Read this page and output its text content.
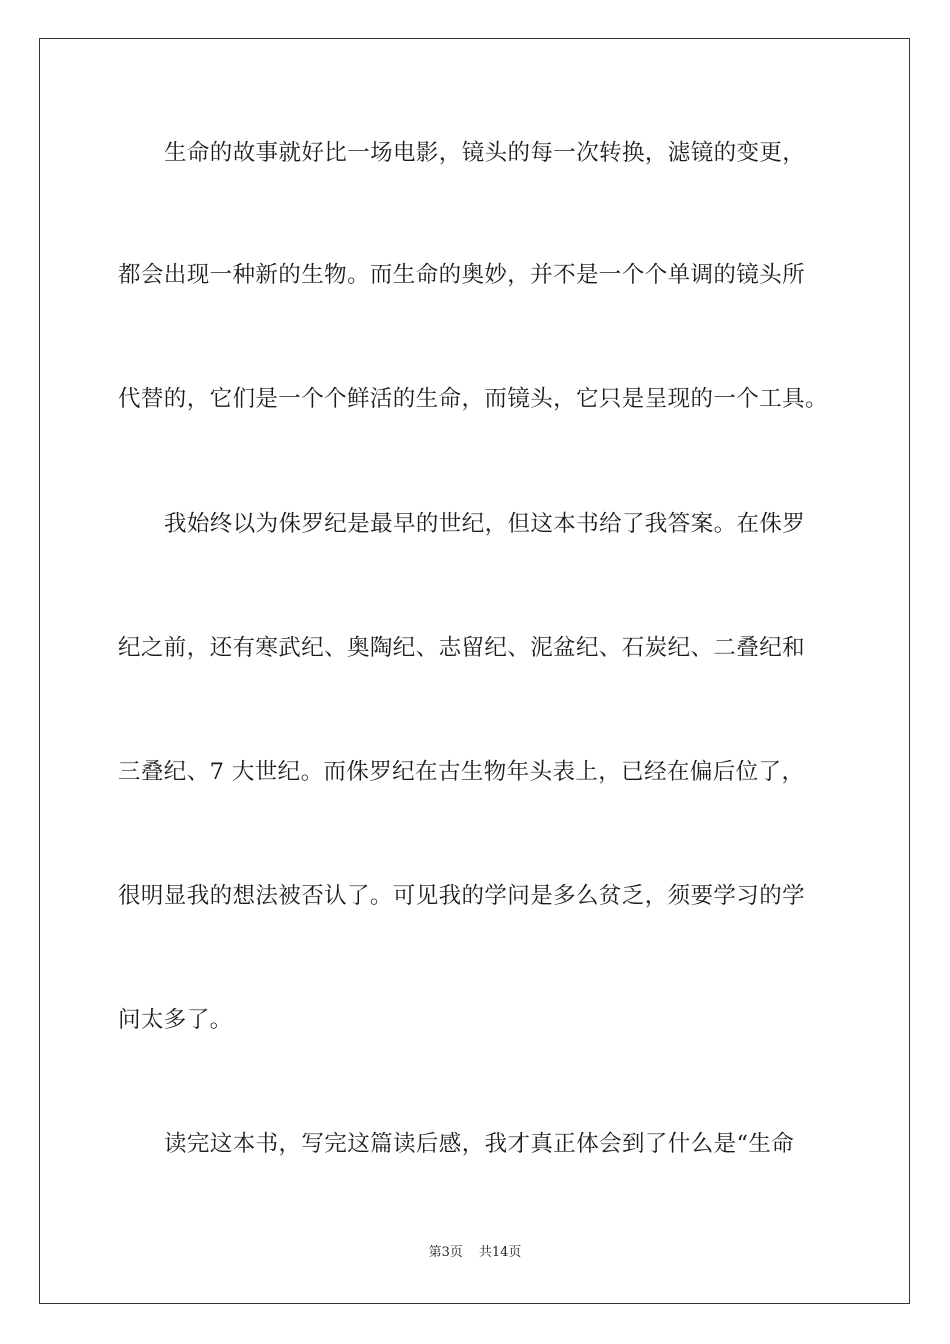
生命的故事就好比一场电影，镜头的每一次转换，滤镜的变更，
都会出现一种新的生物。而生命的奥妙，并不是一个个单调的镜头所
代替的，它们是一个个鲜活的生命，而镜头，它只是呈现的一个工具。
我始终以为侏罗纪是最早的世纪，但这本书给了我答案。在侏罗
纪之前，还有寒武纪、奥陶纪、志留纪、泥盆纪、石炭纪、二叠纪和
三叠纪、7 大世纪。而侏罗纪在古生物年头表上，已经在偏后位了，
很明显我的想法被否认了。可见我的学问是多么贫乏，须要学习的学
问太多了。
读完这本书，写完这篇读后感，我才真正体会到了什么是“生命
第3页 共14页
